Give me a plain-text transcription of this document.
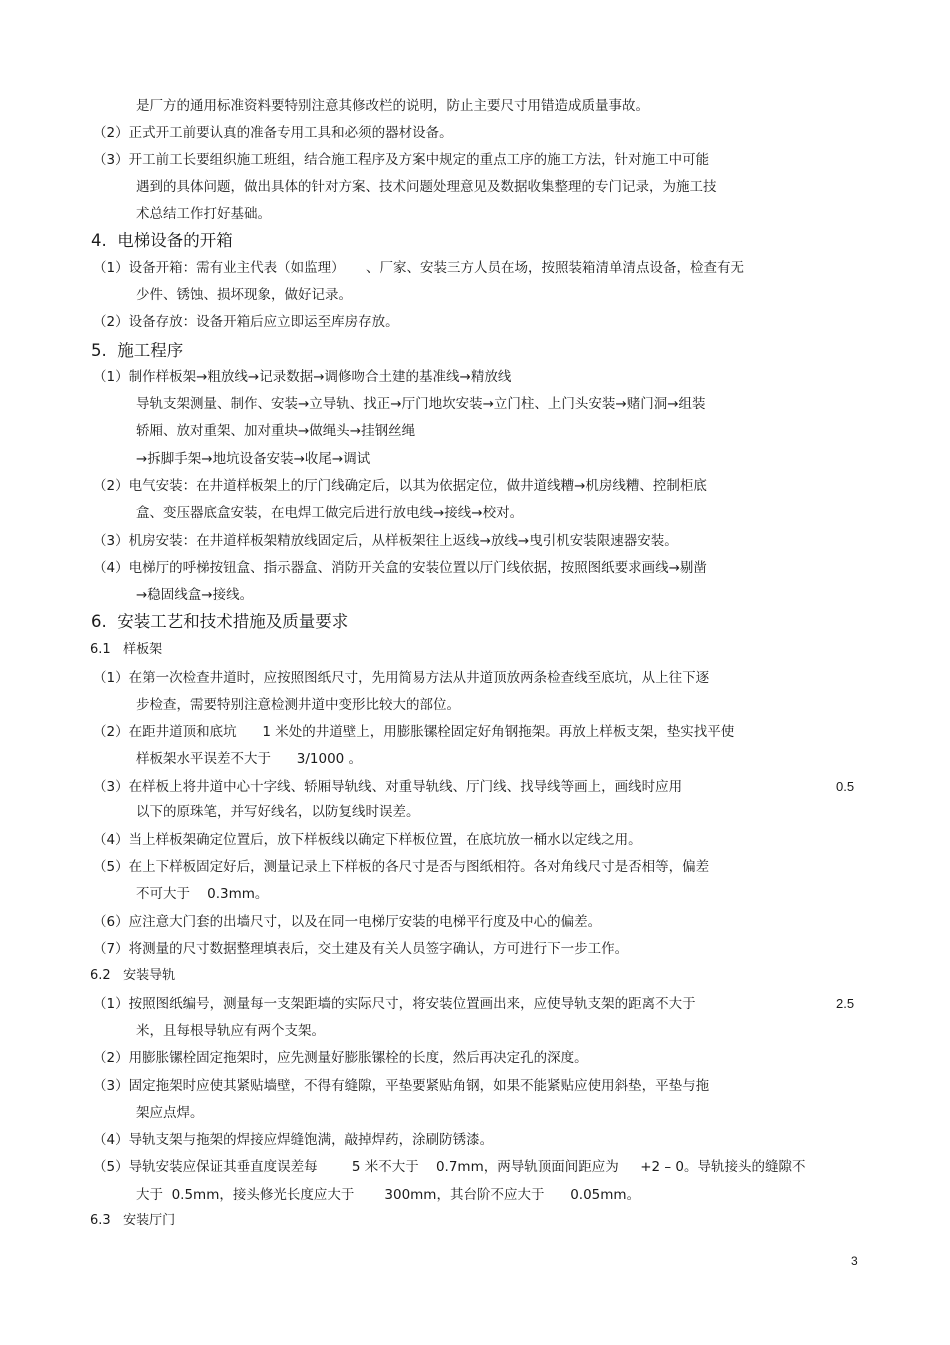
是厂方的通用标准资料要特别注意其修改栏的说明，防止主要尺寸用错造成质量事故。
（2）正式开工前要认真的准备专用工具和必须的器材设备。
（3）开工前工长要组织施工班组，结合施工程序及方案中规定的重点工序的施工方法，针对施工中可能
遇到的具体问题，做出具体的针对方案、技术问题处理意见及数据收集整理的专门记录，为施工技
术总结工作打好基础。
4.  电梯设备的开箱
（1）设备开箱：需有业主代表（如监理）     、厂家、安装三方人员在场，按照装箱清单清点设备，检查有无
少件、锈蚀、损坏现象，做好记录。
（2）设备存放：设备开箱后应立即运至库房存放。
5.  施工程序
（1）制作样板架→粗放线→记录数据→调修吻合土建的基准线→精放线
导轨支架测量、制作、安装→立导轨、找正→厅门地坎安装→立门柱、上门头安装→赌门洞→组装
轿厢、放对重架、加对重块→做绳头→挂钢丝绳
→拆脚手架→地坑设备安装→收尾→调试
（2）电气安装：在井道样板架上的厅门线确定后，以其为依据定位，做井道线糟→机房线糟、控制柜底
盒、变压器底盒安装，在电焊工做完后进行放电线→接线→校对。
（3）机房安装：在井道样板架精放线固定后，从样板架往上返线→放线→曳引机安装限速器安装。
（4）电梯厅的呼梯按钮盒、指示器盒、消防开关盒的安装位置以厅门线依据，按照图纸要求画线→剔凿
→稳固线盒→接线。
6.  安装工艺和技术措施及质量要求
6.1   样板架
（1）在第一次检查井道时，应按照图纸尺寸，先用简易方法从井道顶放两条检查线至底坑，从上往下逐
步检查，需要特别注意检测井道中变形比较大的部位。
（2）在距井道顶和底坑      1 米处的井道壁上，用膨胀镙栓固定好角钢拖架。再放上样板支架，垫实找平使
样板架水平误差不大于      3/1000 。
（3）在样板上将井道中心十字线、轿厢导轨线、对重导轨线、厅门线、找导线等画上，画线时应用	0.5
以下的原珠笔，并写好线名，以防复线时误差。
（4）当上样板架确定位置后，放下样板线以确定下样板位置，在底坑放一桶水以定线之用。
（5）在上下样板固定好后，测量记录上下样板的各尺寸是否与图纸相符。各对角线尺寸是否相等，偏差
不可大于    0.3mm。
（6）应注意大门套的出墙尺寸，以及在同一电梯厅安装的电梯平行度及中心的偏差。
（7）将测量的尺寸数据整理填表后，交土建及有关人员签字确认，方可进行下一步工作。
6.2   安装导轨
（1）按照图纸编号，测量每一支架距墙的实际尺寸，将安装位置画出来，应使导轨支架的距离不大于	2.5
米，且每根导轨应有两个支架。
（2）用膨胀镙栓固定拖架时，应先测量好膨胀镙栓的长度，然后再决定孔的深度。
（3）固定拖架时应使其紧贴墙壁，不得有缝隙，平垫要紧贴角钢，如果不能紧贴应使用斜垫，平垫与拖
架应点焊。
（4）导轨支架与拖架的焊接应焊缝饱满，敲掉焊药，涂刷防锈漆。
（5）导轨安装应保证其垂直度误差每        5 米不大于    0.7mm，两导轨顶面间距应为     +2 – 0。导轨接头的缝隙不
大于  0.5mm，接头修光长度应大于       300mm，其台阶不应大于      0.05mm。
6.3   安装厅门
3
